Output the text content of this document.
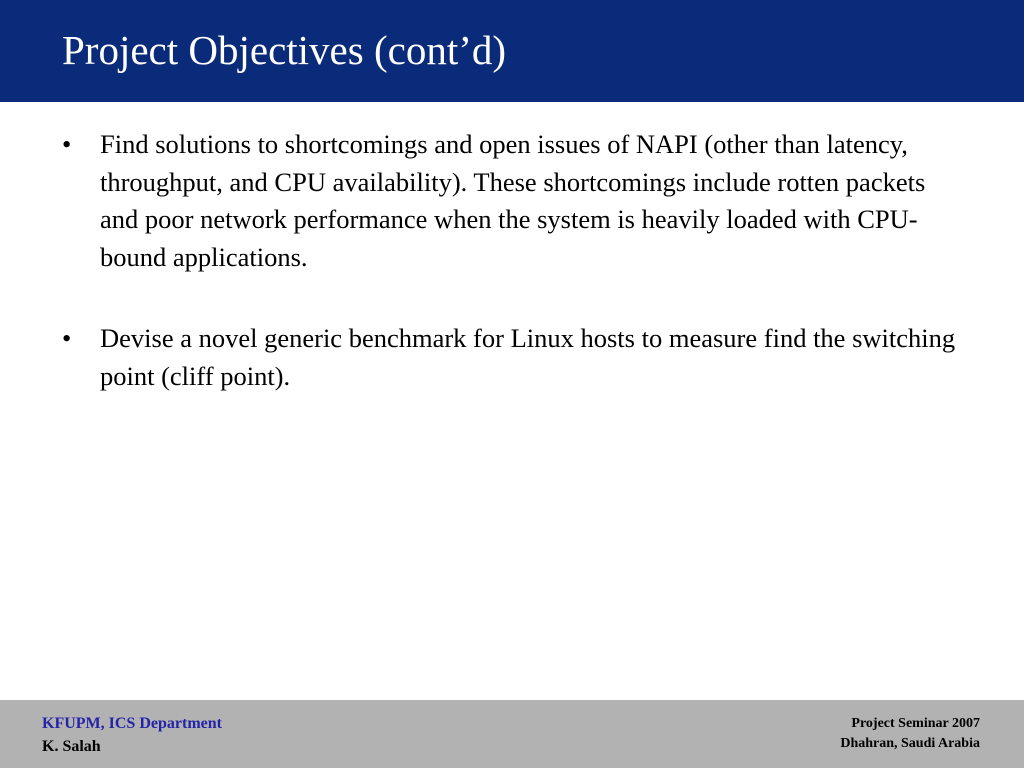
Project Objectives (cont’d)
• Find solutions to shortcomings and open issues of NAPI (other than latency, throughput, and CPU availability). These shortcomings include rotten packets and poor network performance when the system is heavily loaded with CPU-bound applications.
• Devise a novel generic benchmark for Linux hosts to measure find the switching point (cliff point).
KFUPM, ICS Department
K. Salah
Project Seminar 2007
Dhahran, Saudi Arabia
